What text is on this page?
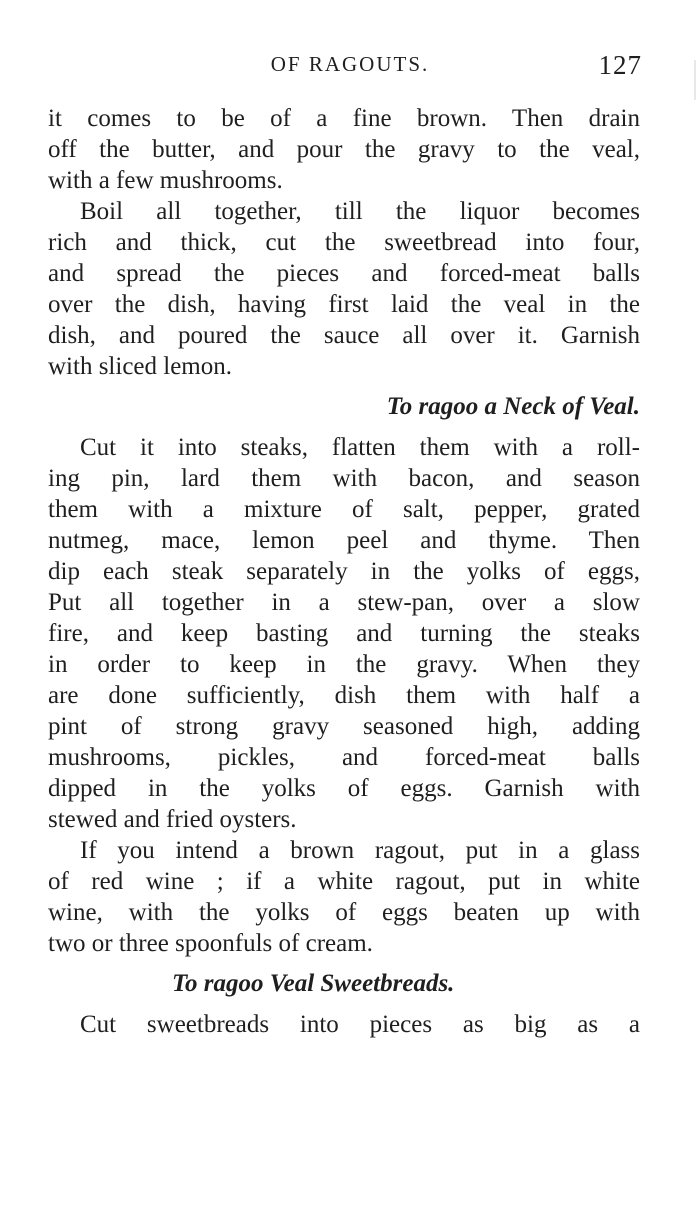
OF RAGOUTS.	127

it comes to be of a fine brown. Then drain

off the butter, and pour the gravy to the veal,

with a few mushrooms.

Boil all together, till the liquor becomes

rich and thick, cut the sweetbread into four,

and spread the pieces and forced-meat balls

over the dish, having first laid the veal in the

dish, and poured the sauce all over it. Garnish

with sliced lemon.

To ragoo a Neck of Veal.

Cut it into steaks, flatten them with a roll-

ing pin, lard them with bacon, and season

them with a mixture of salt, pepper, grated

nutmeg, mace, lemon peel and thyme. Then

dip each steak separately in the yolks of eggs,

Put all together in a stew-pan, over a slow

fire, and keep basting and turning the steaks

in order to keep in the gravy. When they

are done sufficiently, dish them with half a

pint of strong gravy seasoned high, adding

mushrooms, pickles, and forced-meat balls

dipped in the yolks of eggs. Garnish with

stewed and fried oysters.

If you intend a brown ragout, put in a glass

of red wine ; if a white ragout, put in white

wine, with the yolks of eggs beaten up with

two or three spoonfuls of cream.

To ragoo Veal Sweetbreads.

Cut sweetbreads into pieces as big as a
